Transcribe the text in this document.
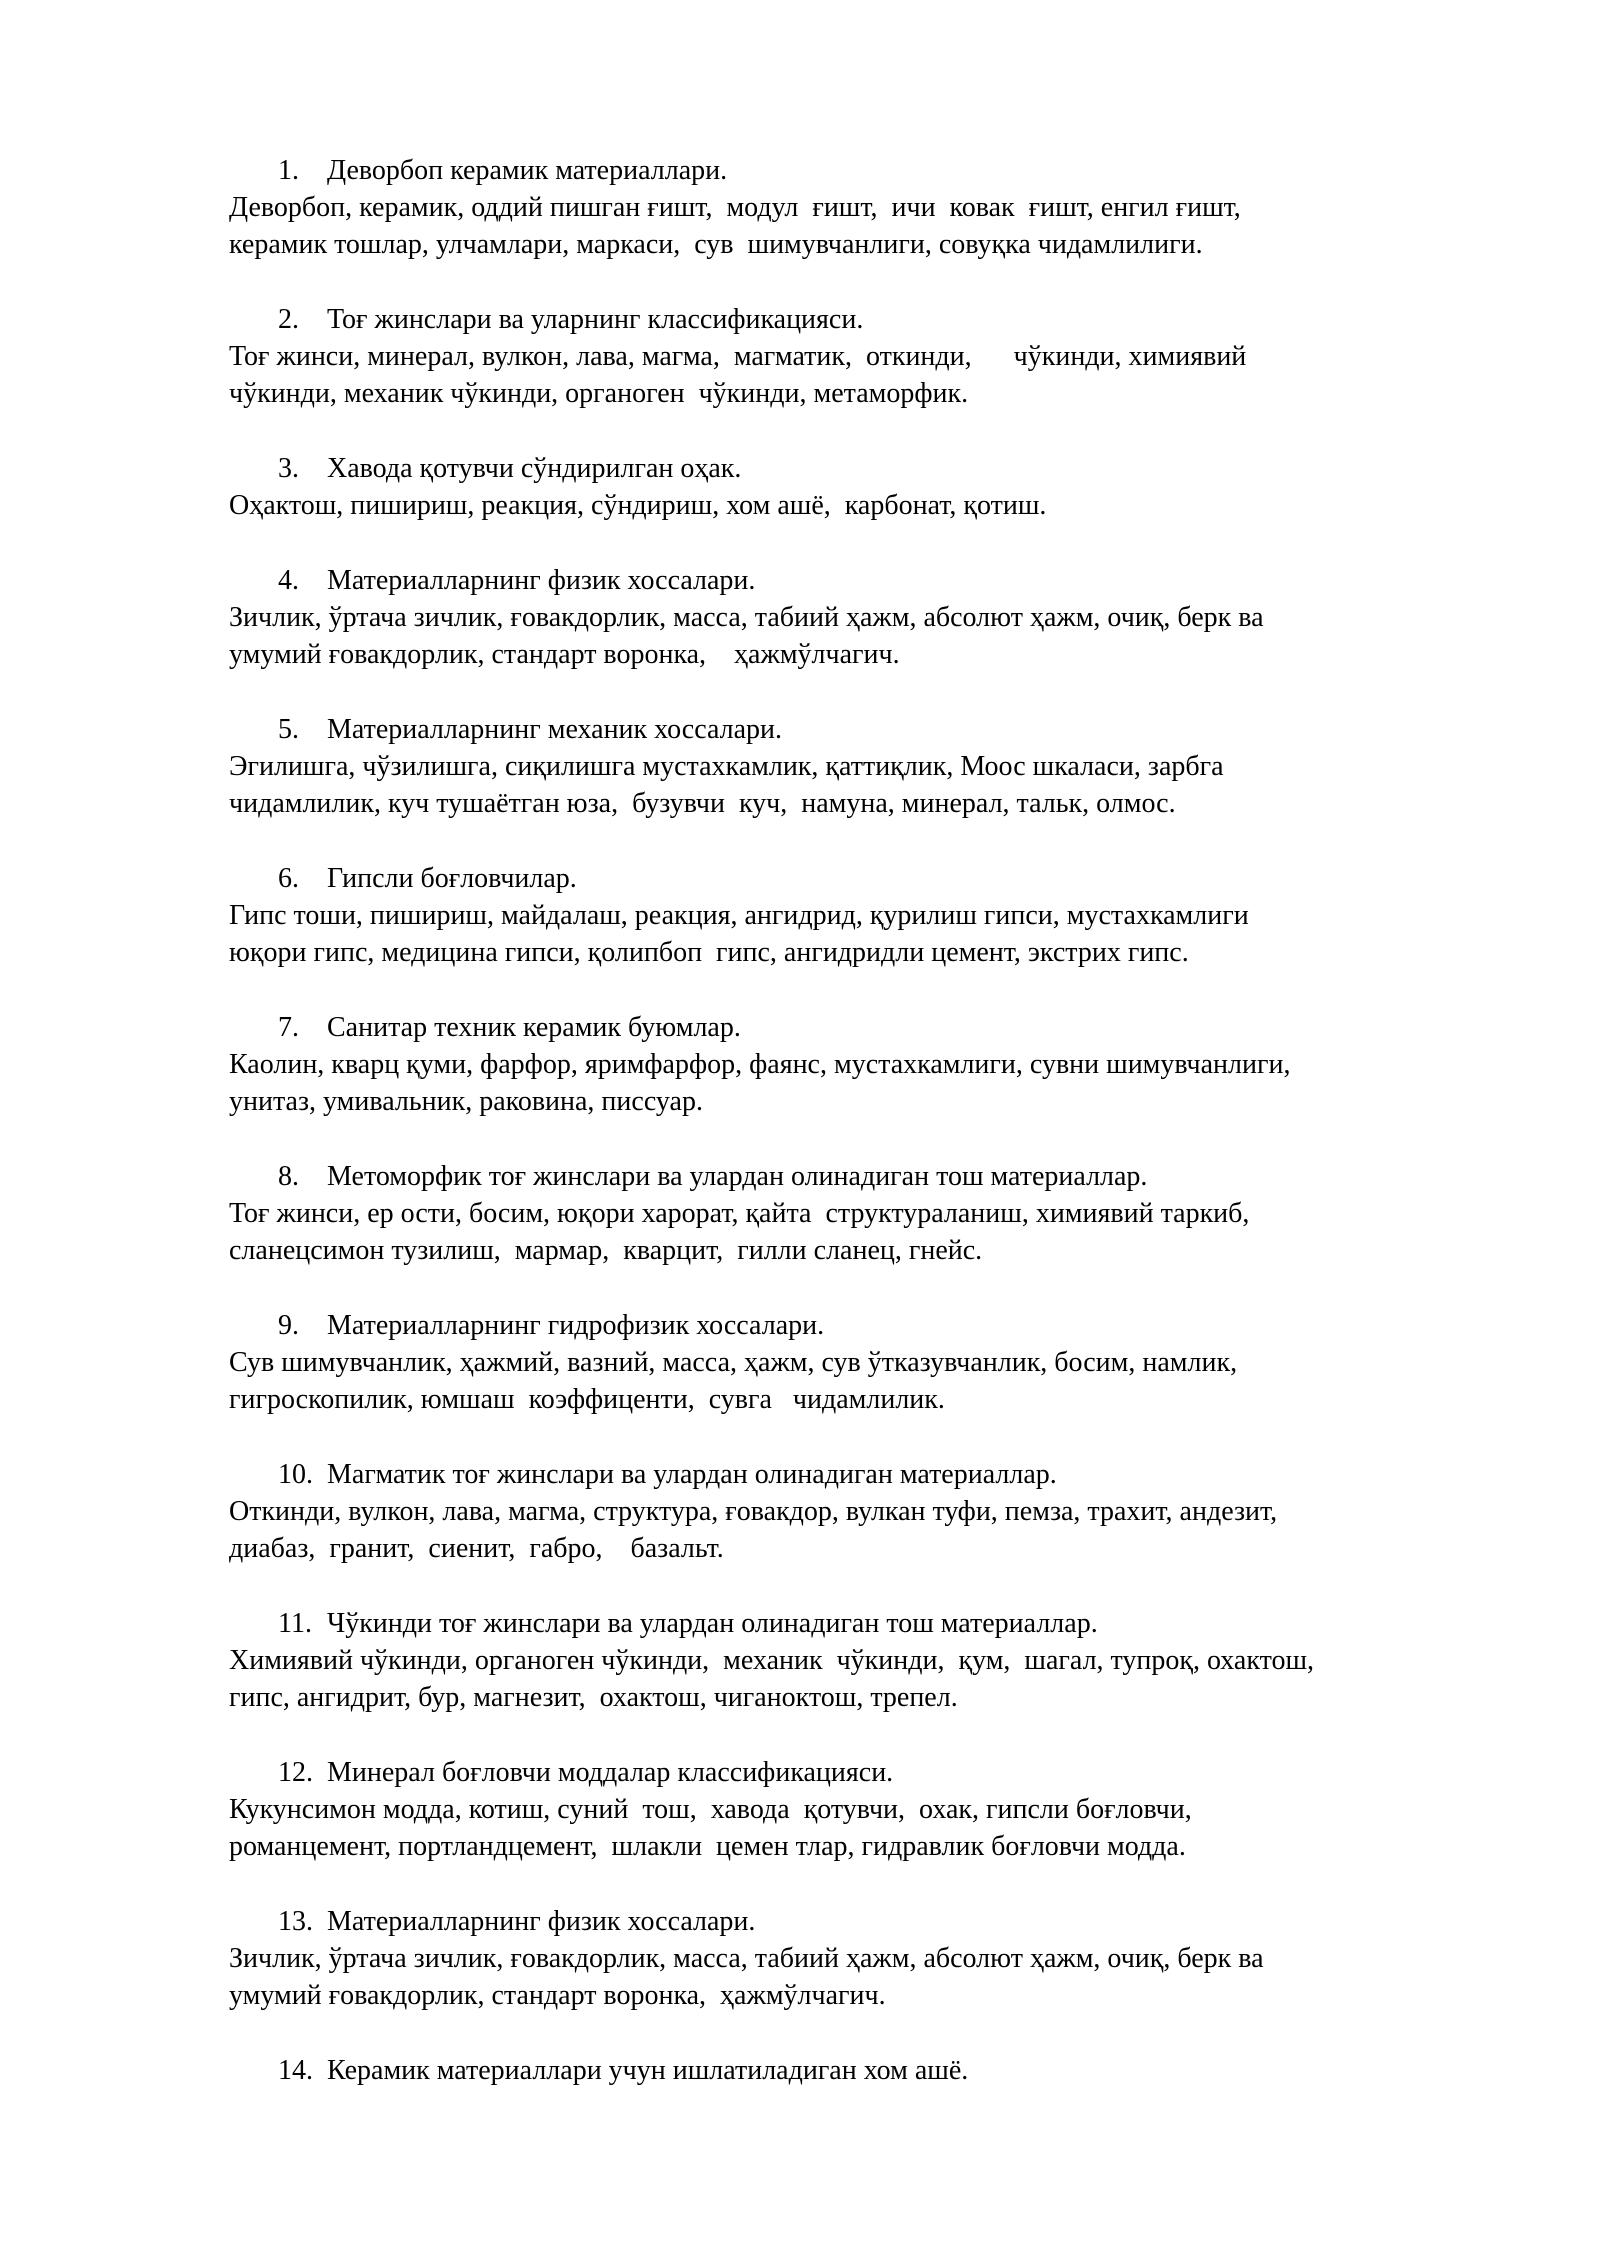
1. Деворбоп керамик материаллари.
Деворбоп, керамик, оддий пишган ғишт,  модул  ғишт,  ичи  ковак  ғишт, енгил ғишт,
керамик тошлар, улчамлари, маркаси,  сув  шимувчанлиги, совуқка чидамлилиги.
2. Тоғ жинслари ва уларнинг классификацияси.
Тоғ жинси, минерал, вулкон, лава, магма,  магматик,  откинди,      чўкинди, химиявий
чўкинди, механик чўкинди, органоген  чўкинди, метаморфик.
3. Хавода қотувчи сўндирилган оҳак.
Оҳактош, пишириш, реакция, сўндириш, хом ашё,  карбонат, қотиш.
4. Материалларнинг физик хоссалари.
Зичлик, ўртача зичлик, ғовакдорлик, масса, табиий ҳажм, абсолют ҳажм, очиқ, берк ва
умумий ғовакдорлик, стандарт воронка,    ҳажмўлчагич.
5. Материалларнинг механик хоссалари.
Эгилишга, чўзилишга, сиқилишга мустахкамлик, қаттиқлик, Моос шкаласи, зарбга
чидамлилик, куч тушаётган юза,  бузувчи  куч,  намуна, минерал, тальк, олмос.
6. Гипсли боғловчилар.
Гипс тоши, пишириш, майдалаш, реакция, ангидрид, қурилиш гипси, мустахкамлиги
юқори гипс, медицина гипси, қолипбоп  гипс, ангидридли цемент, экстрих гипс.
7. Санитар техник керамик буюмлар.
Каолин, кварц қуми, фарфор, яримфарфор, фаянс, мустахкамлиги, сувни шимувчанлиги,
унитаз, умивальник, раковина, писсуар.
8. Метоморфик тоғ жинслари ва улардан олинадиган тош материаллар.
Тоғ жинси, ер ости, босим, юқори харорат, қайта  структураланиш, химиявий таркиб,
сланецсимон тузилиш,  мармар,  кварцит,  гилли сланец, гнейс.
9. Материалларнинг гидрофизик хоссалари.
Сув шимувчанлик, ҳажмий, вазний, масса, ҳажм, сув ўтказувчанлик, босим, намлик,
гигроскопилик, юмшаш  коэффиценти,  сувга   чидамлилик.
10. Магматик тоғ жинслари ва улардан олинадиган материаллар.
Откинди, вулкон, лава, магма, структура, ғовакдор, вулкан туфи, пемза, трахит, андезит,
диабаз,  гранит,  сиенит,  габро,    базальт.
11. Чўкинди тоғ жинслари ва улардан олинадиган тош материаллар.
Химиявий чўкинди, органоген чўкинди,  механик  чўкинди,  қум,  шагал, тупроқ, охактош,
гипс, ангидрит, бур, магнезит,  охактош, чиганоктош, трепел.
12. Минерал боғловчи моддалар классификацияси.
Кукунсимон модда, котиш, суний  тош,  хавода  қотувчи,  охак, гипсли боғловчи,
романцемент, портландцемент,  шлакли  цемен тлар, гидравлик боғловчи модда.
13. Материалларнинг физик хоссалари.
Зичлик, ўртача зичлик, ғовакдорлик, масса, табиий ҳажм, абсолют ҳажм, очиқ, берк ва
умумий ғовакдорлик, стандарт воронка,  ҳажмўлчагич.
14. Керамик материаллари учун ишлатиладиган хом ашё.
